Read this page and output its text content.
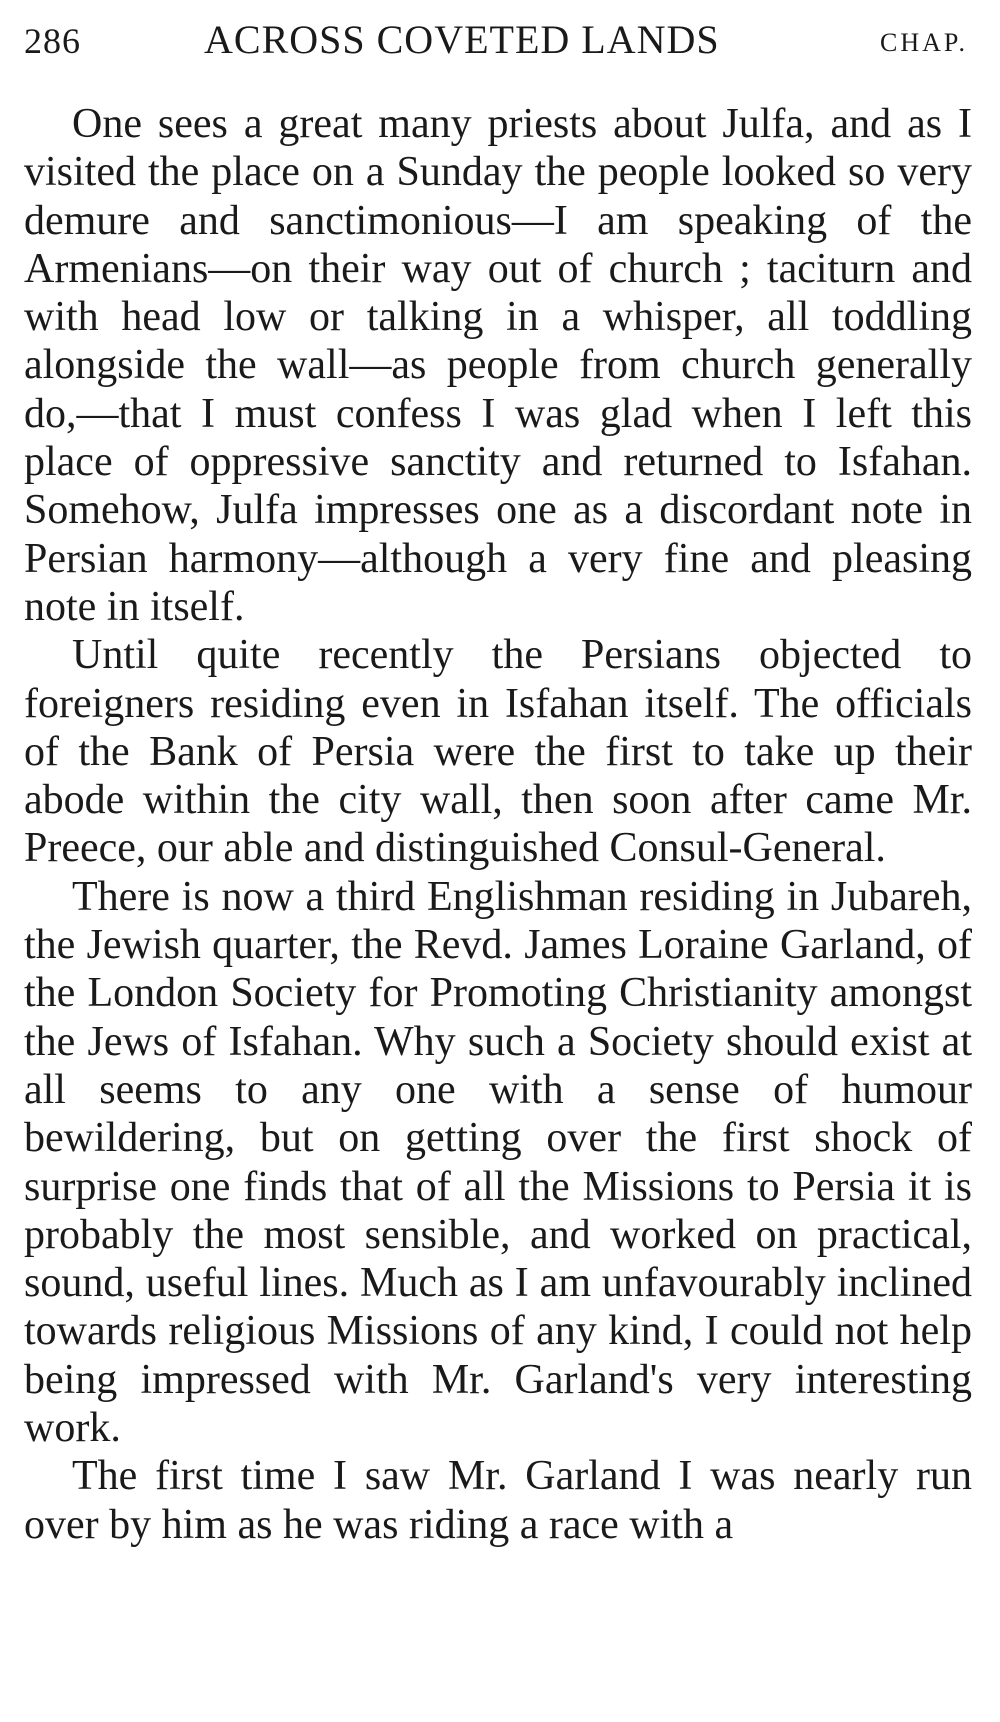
286	ACROSS COVETED LANDS	CHAP.

One sees a great many priests about Julfa, and as I visited the place on a Sunday the people looked so very demure and sanctimonious—I am speaking of the Armenians—on their way out of church ; taciturn and with head low or talking in a whisper, all toddling alongside the wall—as people from church generally do,—that I must confess I was glad when I left this place of oppressive sanctity and returned to Isfahan. Somehow, Julfa impresses one as a discordant note in Persian harmony—although a very fine and pleasing note in itself.

Until quite recently the Persians objected to foreigners residing even in Isfahan itself. The officials of the Bank of Persia were the first to take up their abode within the city wall, then soon after came Mr. Preece, our able and distinguished Consul-General.

There is now a third Englishman residing in Jubareh, the Jewish quarter, the Revd. James Loraine Garland, of the London Society for Promoting Christianity amongst the Jews of Isfahan. Why such a Society should exist at all seems to any one with a sense of humour bewildering, but on getting over the first shock of surprise one finds that of all the Missions to Persia it is probably the most sensible, and worked on practical, sound, useful lines. Much as I am unfavourably inclined towards religious Missions of any kind, I could not help being impressed with Mr. Garland's very interesting work.

The first time I saw Mr. Garland I was nearly run over by him as he was riding a race with a
